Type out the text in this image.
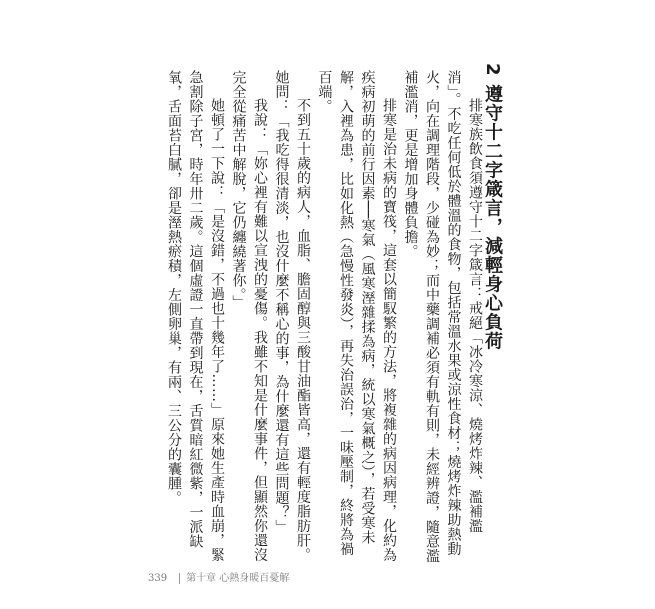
2遵守十二字箴言，減輕身心負荷

排寒族飲食須遵守十二字箴言：戒絕「冰冷寒涼、燒烤炸辣、濫補濫消」。不吃任何低於體溫的食物，包括常溫水果或涼性食材；燒烤炸辣助熱動火，向在調理階段，少碰為妙；而中藥調補必須有軌有則，未經辨證，隨意濫補濫消，更是增加身體負擔。

排寒是治未病的寶筏，這套以簡馭繁的方法，將複雜的病因病理，化約為疾病初萌的前行因素──寒氣（風寒溼雜揉為病，統以寒氣概之），若受寒未解，入裡為患，比如化熱（急慢性發炎），再失治誤治，一味壓制，終將為禍百端。

不到五十歲的病人，血脂、膽固醇與三酸甘油酯皆高，還有輕度脂肪肝。她問：「我吃得很清淡，也沒什麼不稱心的事，為什麼還有這些問題？」

我說：「妳心裡有難以宣洩的憂傷。我雖不知是什麼事件，但顯然你還沒完全從痛苦中解脫，它仍纏繞著你。」

她頓了一下說：「是沒錯，不過也十幾年了……」原來她生產時血崩，緊急割除子宮，時年卅二歲。這個虛證一直帶到現在，舌質暗紅微紫，一派缺氧，舌面苔白膩，卻是溼熱瘀積，左側卵巢，有兩、三公分的囊腫。

339 第十章 心熱身暖百憂解
